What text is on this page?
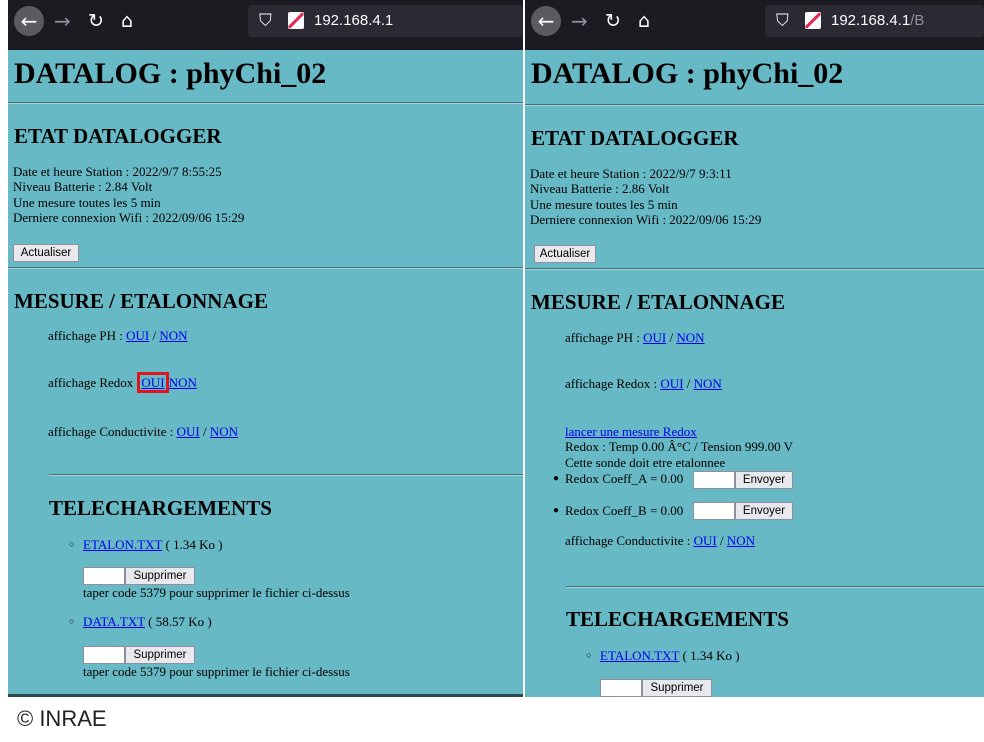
← → ↻ ⌂	⛉	192.168.4.1
DATALOG : phyChi_02
ETAT DATALOGGER
Date et heure Station : 2022/9/7 8:55:25
Niveau Batterie : 2.84 Volt
Une mesure toutes les 5 min
Derniere connexion Wifi : 2022/09/06 15:29
Actualiser
MESURE / ETALONNAGE
affichage PH : OUI / NON
affichage Redox : OUI NON
affichage Conductivite : OUI / NON
TELECHARGEMENTS
○ ETALON.TXT ( 1.34 Ko )
Supprimer
taper code 5379 pour supprimer le fichier ci-dessus
○ DATA.TXT ( 58.57 Ko )
Supprimer
taper code 5379 pour supprimer le fichier ci-dessus
← → ↻ ⌂	⛉	192.168.4.1/B
DATALOG : phyChi_02
ETAT DATALOGGER
Date et heure Station : 2022/9/7 9:3:11
Niveau Batterie : 2.86 Volt
Une mesure toutes les 5 min
Derniere connexion Wifi : 2022/09/06 15:29
Actualiser
MESURE / ETALONNAGE
affichage PH : OUI / NON
affichage Redox : OUI / NON
lancer une mesure Redox
Redox : Temp 0.00 Â°C / Tension 999.00 V
Cette sonde doit etre etalonnee
● Redox Coeff_A = 0.00	Envoyer
● Redox Coeff_B = 0.00	Envoyer
affichage Conductivite : OUI / NON
TELECHARGEMENTS
○ ETALON.TXT ( 1.34 Ko )
Supprimer
© INRAE
